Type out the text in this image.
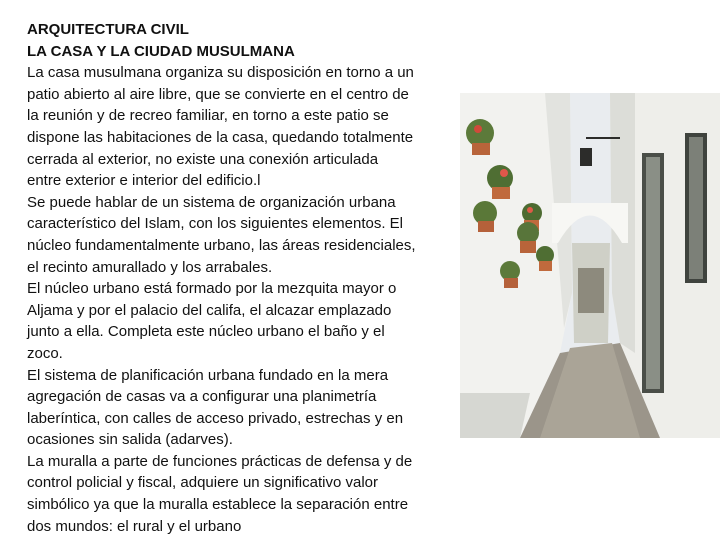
ARQUITECTURA CIVIL
LA CASA Y LA CIUDAD MUSULMANA
La casa musulmana organiza su disposición en torno a un
patio abierto al aire libre, que se convierte en el centro de
la reunión y de recreo familiar, en torno a este patio se
dispone las habitaciones de la casa, quedando totalmente
cerrada al exterior, no existe una conexión articulada
entre exterior e interior del edificio.l
Se puede hablar de un sistema de organización urbana
característico del Islam, con los siguientes elementos. El
núcleo fundamentalmente urbano, las áreas residenciales,
el recinto amurallado y los arrabales.
El núcleo urbano está formado por la mezquita mayor o
Aljama y por el palacio del califa, el alcazar emplazado
junto a ella. Completa este núcleo urbano el baño y el
zoco.
El sistema de planificación urbana fundado en la mera
agregación de casas va a configurar una planimetría
laberíntica, con calles de acceso privado, estrechas y en
ocasiones sin salida (adarves).
La muralla a parte de funciones prácticas de defensa y de
control policial y fiscal, adquiere un significativo valor
simbólico ya que la muralla establece la separación entre
dos mundos: el rural y el urbano
